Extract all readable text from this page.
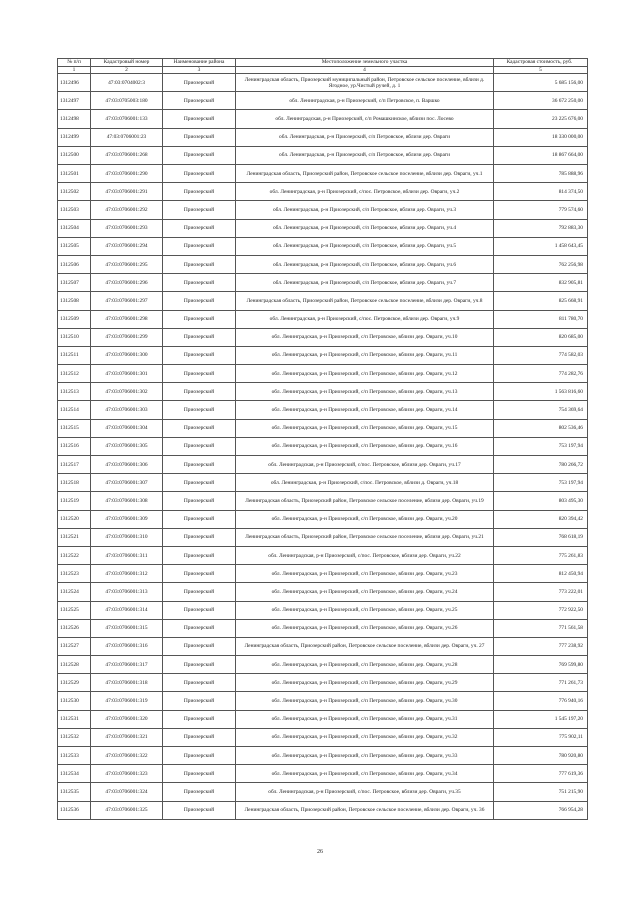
№ п/п	Кадастровый номер	Наименование района	Местоположение земельного участка	Кадастровая стоимость, руб.
1	2	3	4	5
1312496	47:03:0704002:3	Приозерский	Ленинградская область, Приозерский муниципальный район, Петровское сельское поселение, вблизи д. Ягодное, ур.Чистый ручей, д. 1	5 685 156,00
1312497	47:03:0705003:180	Приозерский	обл. Ленинградская, р-н Приозерский, с/п Петровское, п. Варшко	36 672 250,00
1312498	47:03:0706001:133	Приозерский	обл. Ленинградская, р-н Приозерский, с/п Ромашкинское, вблизи пос. Лосево	23 225 676,00
1312499	47:03:0706001:23	Приозерский	обл. Ленинградская, р-н Приозерский, с/п Петровское, вблизи дер. Овраги	18 330 000,00
1312500	47:03:0706001:268	Приозерский	обл. Ленинградская, р-н Приозерский, с/п Петровское, вблизи дер. Овраги	18 867 664,00
1312501	47:03:0706001:290	Приозерский	Ленинградская область, Приозерский район, Петровское сельское поселение, вблизи дер. Овраги, уч.1	785 888,96
1312502	47:03:0706001:291	Приозерский	обл. Ленинградская, р-н Приозерский, с/пос. Петровское, вблизи дер. Овраги, уч.2	814 374,50
1312503	47:03:0706001:292	Приозерский	обл. Ленинградская, р-н Приозерский, с/п Петровское, вблизи дер. Овраги, уч.3	779 574,60
1312504	47:03:0706001:293	Приозерский	обл. Ленинградская, р-н Приозерский, с/п Петровское, вблизи дер. Овраги, уч.4	792 883,30
1312505	47:03:0706001:294	Приозерский	обл. Ленинградская, р-н Приозерский, с/п Петровское, вблизи дер. Овраги, уч.5	1 458 643,45
1312506	47:03:0706001:295	Приозерский	обл. Ленинградская, р-н Приозерский, с/п Петровское, вблизи дер. Овраги, уч.6	762 256,98
1312507	47:03:0706001:296	Приозерский	обл. Ленинградская, р-н Приозерский, с/п Петровское, вблизи дер. Овраги, уч.7	832 905,81
1312508	47:03:0706001:297	Приозерский	Ленинградская область, Приозерский район, Петровское сельское поселение, вблизи дер. Овраги, уч.8	825 668,91
1312509	47:03:0706001:298	Приозерский	обл. Ленинградская, р-н Приозерский, с/пос. Петровское, вблизи дер. Овраги, уч.9	811 780,70
1312510	47:03:0706001:299	Приозерский	обл. Ленинградская, р-н Приозерский, с/п Петровское, вблизи дер. Овраги, уч.10	820 685,00
1312511	47:03:0706001:300	Приозерский	обл. Ленинградская, р-н Приозерский, с/п Петровское, вблизи дер. Овраги, уч.11	774 582,03
1312512	47:03:0706001:301	Приозерский	обл. Ленинградская, р-н Приозерский, с/п Петровское, вблизи дер. Овраги, уч.12	774 282,76
1312513	47:03:0706001:302	Приозерский	обл. Ленинградская, р-н Приозерский, с/п Петровское, вблизи дер. Овраги, уч.13	1 563 816,60
1312514	47:03:0706001:303	Приозерский	обл. Ленинградская, р-н Приозерский, с/п Петровское, вблизи дер. Овраги, уч.14	754 369,64
1312515	47:03:0706001:304	Приозерский	обл. Ленинградская, р-н Приозерский, с/п Петровское, вблизи дер. Овраги, уч.15	802 536,46
1312516	47:03:0706001:305	Приозерский	обл. Ленинградская, р-н Приозерский, с/п Петровское, вблизи дер. Овраги, уч.16	753 197,94
1312517	47:03:0706001:306	Приозерский	обл. Ленинградская, р-н Приозерский, с/пос. Петровское, вблизи дер. Овраги, уч.17	780 266,72
1312518	47:03:0706001:307	Приозерский	обл. Ленинградская, р-н Приозерский, с/пос. Петровское, вблизи д. Овраги, уч.18	753 197,94
1312519	47:03:0706001:308	Приозерский	Ленинградская область, Приозерский район, Петровское сельское поселение, вблизи дер. Овраги, уч.19	803 495,30
1312520	47:03:0706001:309	Приозерский	обл. Ленинградская, р-н Приозерский, с/п Петровское, вблизи дер. Овраги, уч.20	820 394,42
1312521	47:03:0706001:310	Приозерский	Ленинградская область, Приозерский район, Петровское сельское поселение, вблизи дер. Овраги, уч.21	768 618,19
1312522	47:03:0706001:311	Приозерский	обл. Ленинградская, р-н Приозерский, с/пос. Петровское, вблизи дер. Овраги, уч.22	775 261,83
1312523	47:03:0706001:312	Приозерский	обл. Ленинградская, р-н Приозерский, с/п Петровское, вблизи дер. Овраги, уч.23	812 450,94
1312524	47:03:0706001:313	Приозерский	обл. Ленинградская, р-н Приозерский, с/п Петровское, вблизи дер. Овраги, уч.24	773 222,01
1312525	47:03:0706001:314	Приозерский	обл. Ленинградская, р-н Приозерский, с/п Петровское, вблизи дер. Овраги, уч.25	772 922,50
1312526	47:03:0706001:315	Приозерский	обл. Ленинградская, р-н Приозерский, с/п Петровское, вблизи дер. Овраги, уч.26	771 561,58
1312527	47:03:0706001:316	Приозерский	Ленинградская область, Приозерский район, Петровское сельское поселение, вблизи дер. Овраги, уч. 27	777 238,92
1312528	47:03:0706001:317	Приозерский	обл. Ленинградская, р-н Приозерский, с/п Петровское, вблизи дер. Овраги, уч.28	769 599,80
1312529	47:03:0706001:318	Приозерский	обл. Ленинградская, р-н Приозерский, с/п Петровское, вблизи дер. Овраги, уч.29	771 261,73
1312530	47:03:0706001:319	Приозерский	обл. Ленинградская, р-н Приозерский, с/п Петровское, вблизи дер. Овраги, уч.30	776 940,16
1312531	47:03:0706001:320	Приозерский	обл. Ленинградская, р-н Приозерский, с/п Петровское, вблизи дер. Овраги, уч.31	1 545 197,20
1312532	47:03:0706001:321	Приозерский	обл. Ленинградская, р-н Приозерский, с/п Петровское, вблизи дер. Овраги, уч.32	775 902,11
1312533	47:03:0706001:322	Приозерский	обл. Ленинградская, р-н Приозерский, с/п Петровское, вблизи дер. Овраги, уч.33	780 920,80
1312534	47:03:0706001:323	Приозерский	обл. Ленинградская, р-н Приозерский, с/п Петровское, вблизи дер. Овраги, уч.34	777 619,36
1312535	47:03:0706001:324	Приозерский	обл. Ленинградская, р-н Приозерский, с/пос. Петровское, вблизи дер. Овраги, уч.35	751 215,90
1312536	47:03:0706001:325	Приозерский	Ленинградская область, Приозерский район, Петровское сельское поселение, вблизи дер. Овраги, уч. 36	766 954,28
26
